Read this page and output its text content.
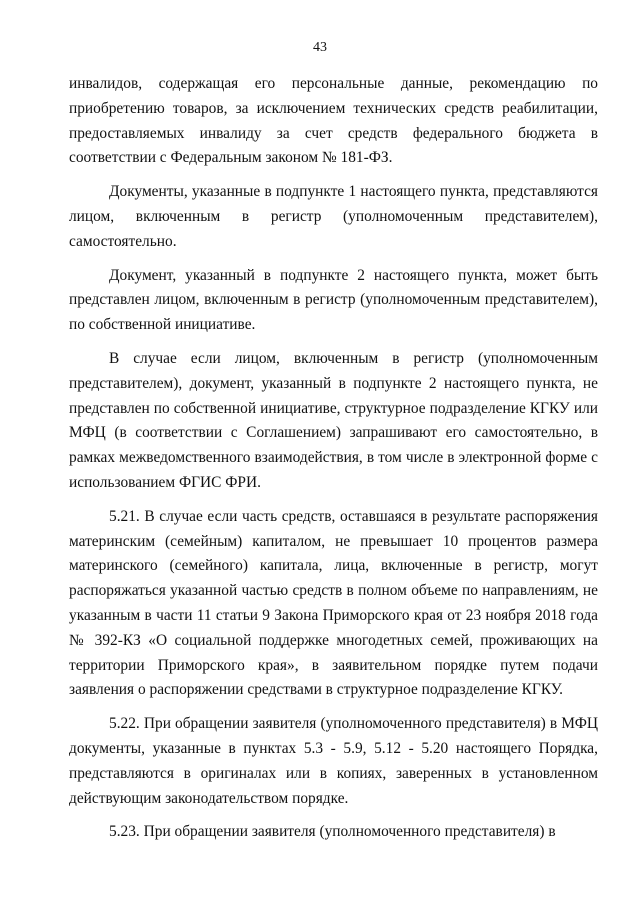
43

инвалидов, содержащая его персональные данные, рекомендацию по приобретению товаров, за исключением технических средств реабилитации, предоставляемых инвалиду за счет средств федерального бюджета в соответствии с Федеральным законом № 181-ФЗ.

Документы, указанные в подпункте 1 настоящего пункта, представляются лицом, включенным в регистр (уполномоченным представителем), самостоятельно.

Документ, указанный в подпункте 2 настоящего пункта, может быть представлен лицом, включенным в регистр (уполномоченным представителем), по собственной инициативе.

В случае если лицом, включенным в регистр (уполномоченным представителем), документ, указанный в подпункте 2 настоящего пункта, не представлен по собственной инициативе, структурное подразделение КГКУ или МФЦ (в соответствии с Соглашением) запрашивают его самостоятельно, в рамках межведомственного взаимодействия, в том числе в электронной форме с использованием ФГИС ФРИ.

5.21. В случае если часть средств, оставшаяся в результате распоряжения материнским (семейным) капиталом, не превышает 10 процентов размера материнского (семейного) капитала, лица, включенные в регистр, могут распоряжаться указанной частью средств в полном объеме по направлениям, не указанным в части 11 статьи 9 Закона Приморского края от 23 ноября 2018 года № 392-КЗ «О социальной поддержке многодетных семей, проживающих на территории Приморского края», в заявительном порядке путем подачи заявления о распоряжении средствами в структурное подразделение КГКУ.

5.22. При обращении заявителя (уполномоченного представителя) в МФЦ документы, указанные в пунктах 5.3 - 5.9, 5.12 - 5.20 настоящего Порядка, представляются в оригиналах или в копиях, заверенных в установленном действующим законодательством порядке.

5.23. При обращении заявителя (уполномоченного представителя) в
